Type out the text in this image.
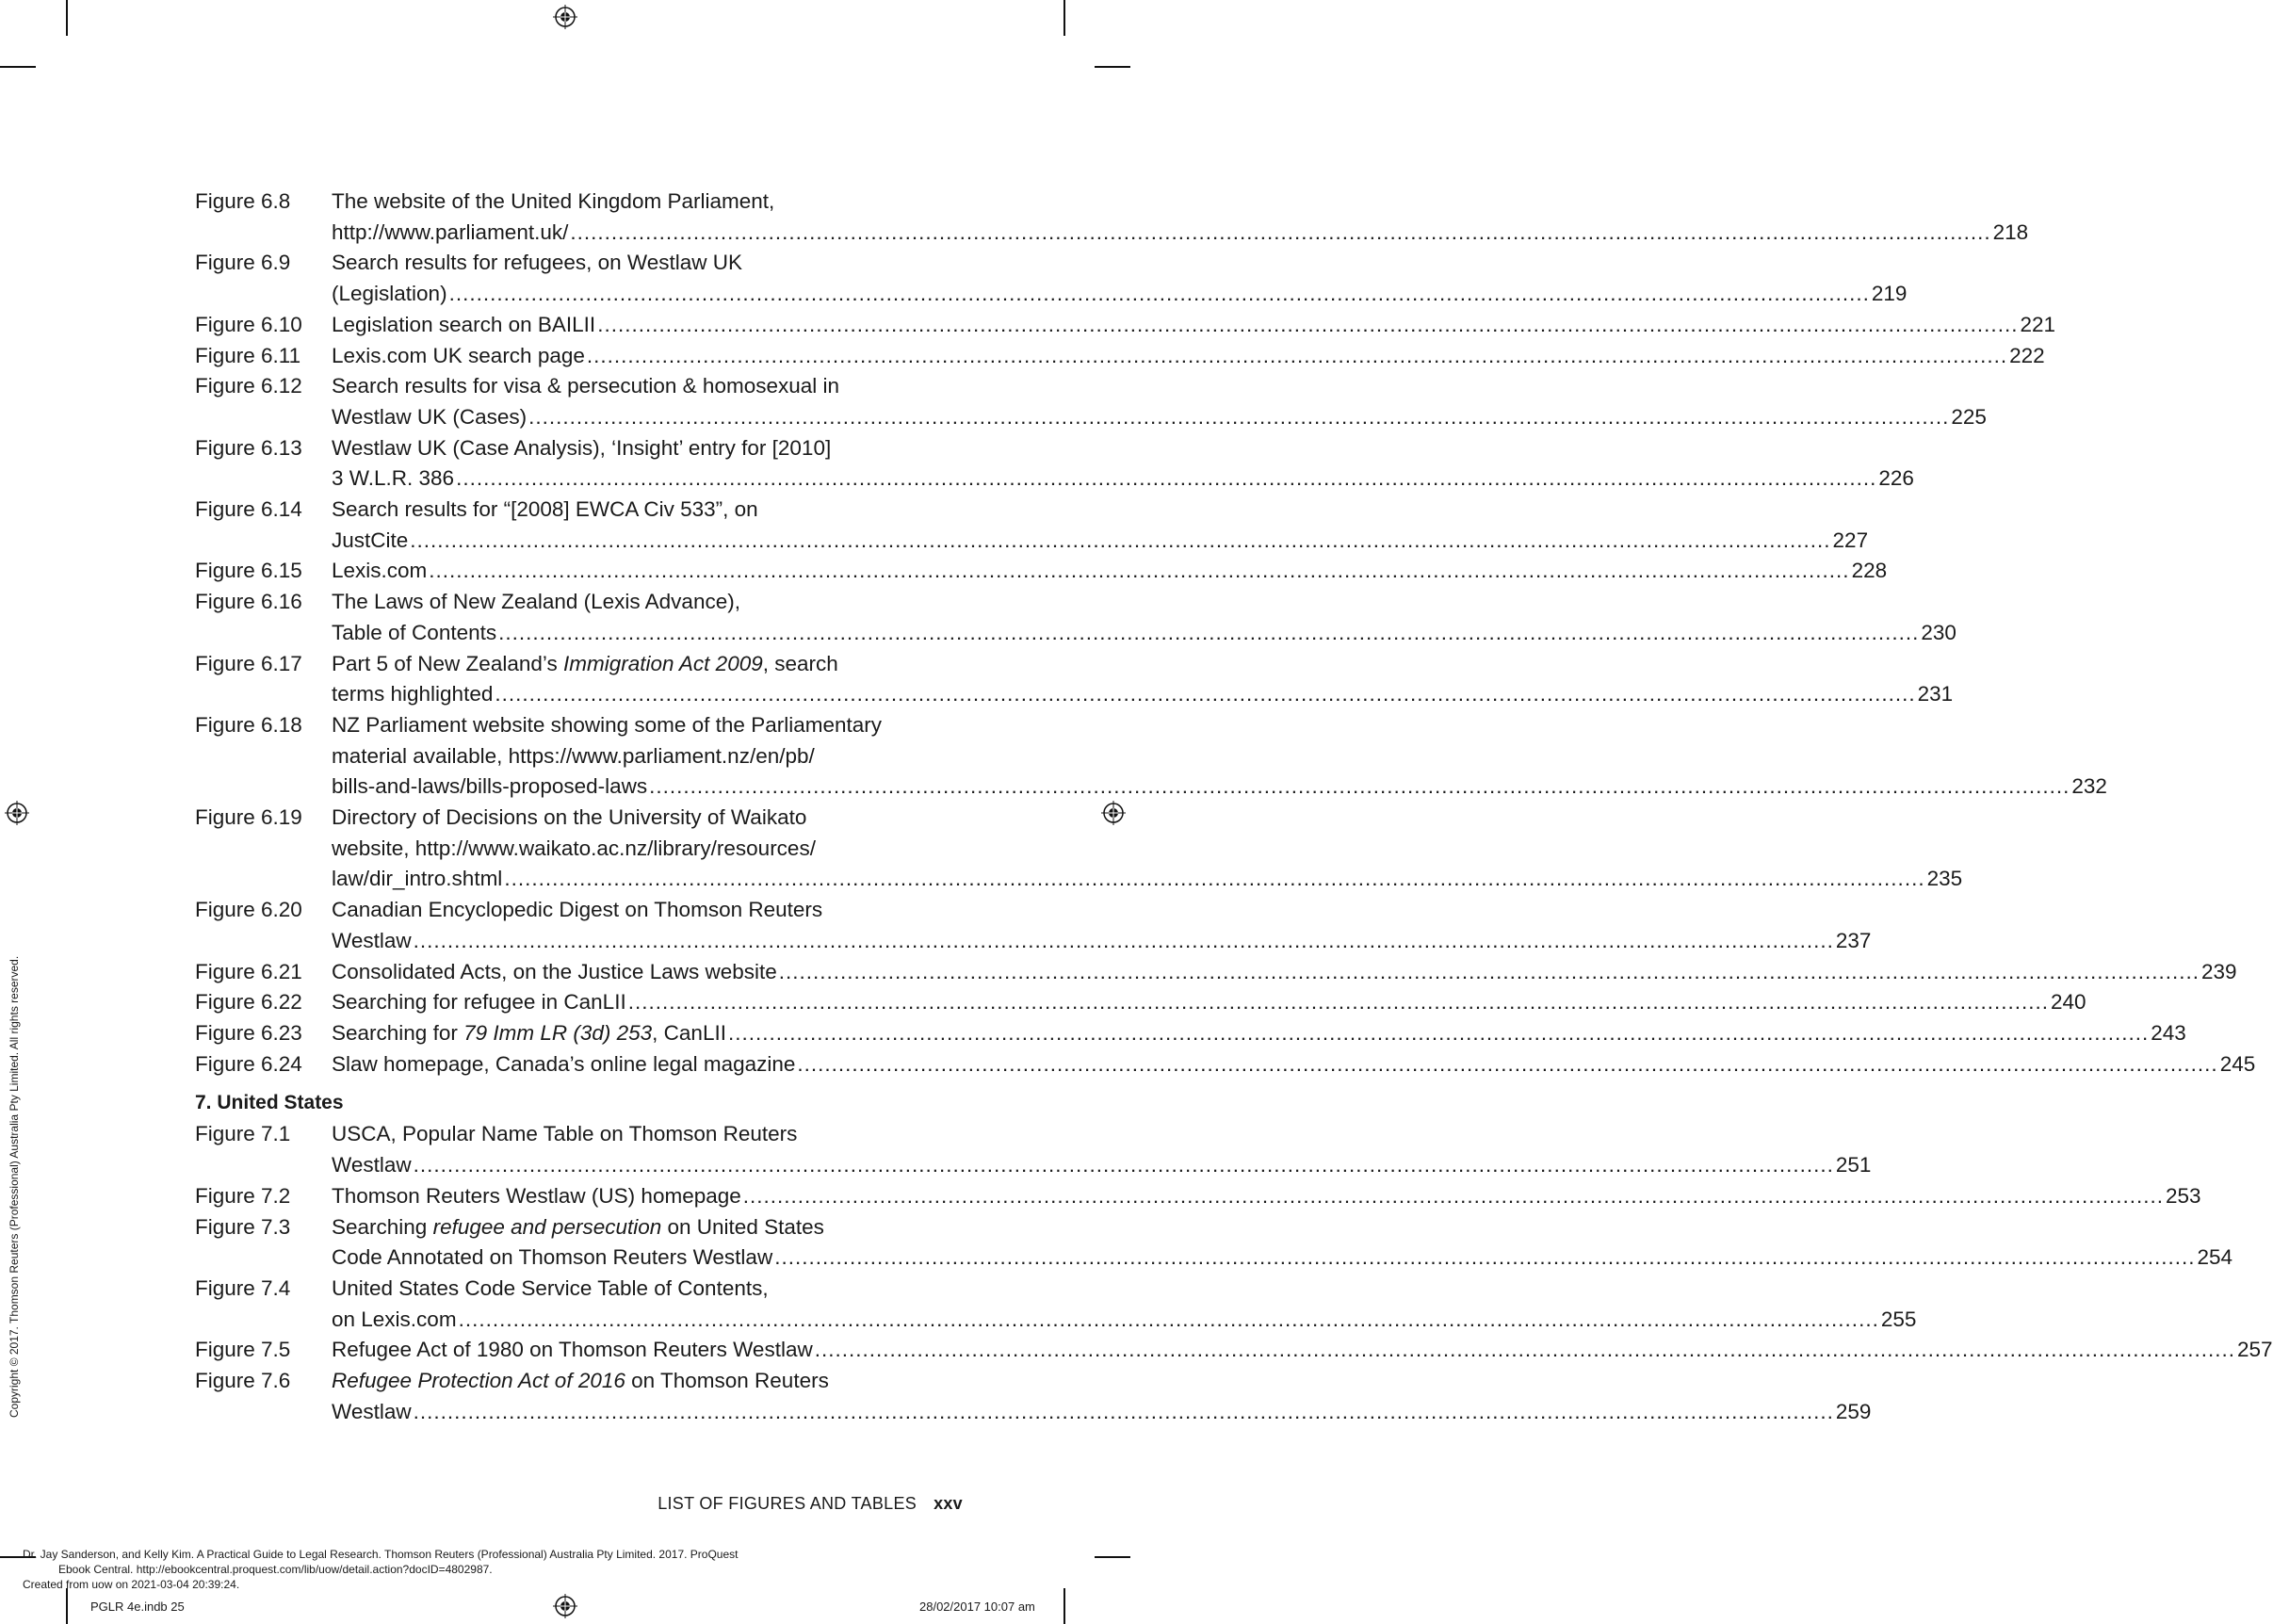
Figure 6.8	The website of the United Kingdom Parliament,
http://www.parliament.uk/ .....	218
Figure 6.9	Search results for refugees, on Westlaw UK
(Legislation) .....	219
Figure 6.10	Legislation search on BAILII .....	221
Figure 6.11	Lexis.com UK search page .....	222
Figure 6.12	Search results for visa & persecution & homosexual in
Westlaw UK (Cases) .....	225
Figure 6.13	Westlaw UK (Case Analysis), ‘Insight’ entry for [2010]
3 W.L.R. 386 .....	226
Figure 6.14	Search results for “[2008] EWCA Civ 533”, on
JustCite .....	227
Figure 6.15	Lexis.com .....	228
Figure 6.16	The Laws of New Zealand (Lexis Advance),
Table of Contents .....	230
Figure 6.17	Part 5 of New Zealand’s Immigration Act 2009, search
terms highlighted .....	231
Figure 6.18	NZ Parliament website showing some of the Parliamentary
material available, https://www.parliament.nz/en/pb/
bills-and-laws/bills-proposed-laws .....	232
Figure 6.19	Directory of Decisions on the University of Waikato
website, http://www.waikato.ac.nz/library/resources/
law/dir_intro.shtml .....	235
Figure 6.20	Canadian Encyclopedic Digest on Thomson Reuters
Westlaw .....	237
Figure 6.21	Consolidated Acts, on the Justice Laws website .....	239
Figure 6.22	Searching for refugee in CanLII .....	240
Figure 6.23	Searching for 79 Imm LR (3d) 253, CanLII .....	243
Figure 6.24	Slaw homepage, Canada’s online legal magazine .....	245
7. United States
Figure 7.1	USCA, Popular Name Table on Thomson Reuters
Westlaw .....	251
Figure 7.2	Thomson Reuters Westlaw (US) homepage .....	253
Figure 7.3	Searching refugee and persecution on United States
Code Annotated on Thomson Reuters Westlaw .....	254
Figure 7.4	United States Code Service Table of Contents,
on Lexis.com .....	255
Figure 7.5	Refugee Act of 1980 on Thomson Reuters Westlaw .....	257
Figure 7.6	Refugee Protection Act of 2016 on Thomson Reuters
Westlaw .....	259
LIST OF FIGURES AND TABLES xxv
Copyright © 2017. Thomson Reuters (Professional) Australia Pty Limited. All rights reserved.
Dr. Jay Sanderson, and Kelly Kim. A Practical Guide to Legal Research. Thomson Reuters (Professional) Australia Pty Limited. 2017. ProQuest
Ebook Central. http://ebookcentral.proquest.com/lib/uow/detail.action?docID=4802987.
Created from uow on 2021-03-04 20:39:24.
PGLR 4e.indb 25	28/02/2017 10:07 am
